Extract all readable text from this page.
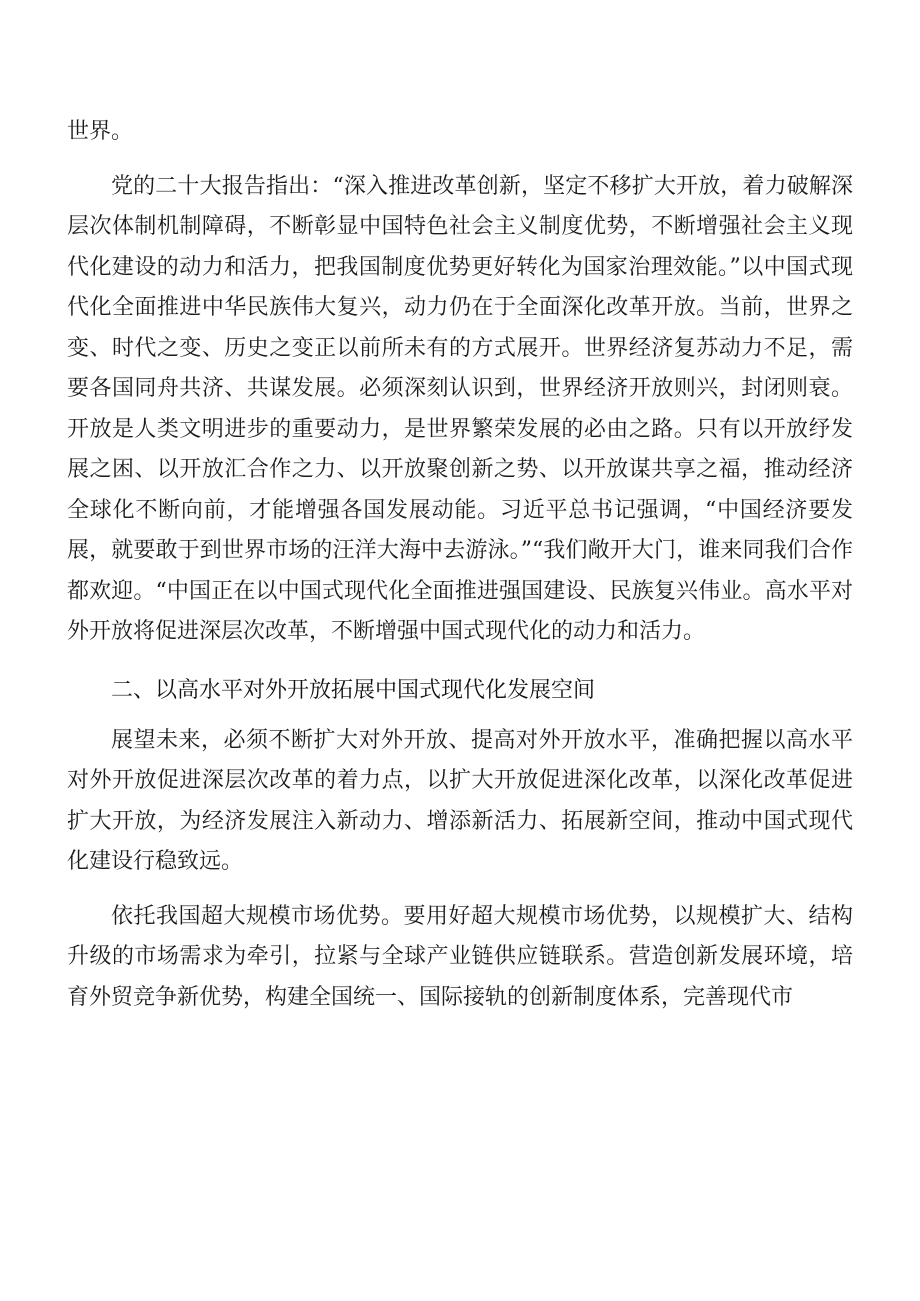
世界。

党的二十大报告指出：“深入推进改革创新，坚定不移扩大开放，着力破解深层次体制机制障碍，不断彰显中国特色社会主义制度优势，不断增强社会主义现代化建设的动力和活力，把我国制度优势更好转化为国家治理效能。”以中国式现代化全面推进中华民族伟大复兴，动力仍在于全面深化改革开放。当前，世界之变、时代之变、历史之变正以前所未有的方式展开。世界经济复苏动力不足，需要各国同舟共济、共谋发展。必须深刻认识到，世界经济开放则兴，封闭则衰。开放是人类文明进步的重要动力，是世界繁荣发展的必由之路。只有以开放纾发展之困、以开放汇合作之力、以开放聚创新之势、以开放谋共享之福，推动经济全球化不断向前，才能增强各国发展动能。习近平总书记强调，“中国经济要发展，就要敢于到世界市场的汪洋大海中去游泳。”“我们敞开大门，谁来同我们合作都欢迎。“中国正在以中国式现代化全面推进强国建设、民族复兴伟业。高水平对外开放将促进深层次改革，不断增强中国式现代化的动力和活力。

二、以高水平对外开放拓展中国式现代化发展空间

展望未来，必须不断扩大对外开放、提高对外开放水平，准确把握以高水平对外开放促进深层次改革的着力点，以扩大开放促进深化改革，以深化改革促进扩大开放，为经济发展注入新动力、增添新活力、拓展新空间，推动中国式现代化建设行稳致远。

依托我国超大规模市场优势。要用好超大规模市场优势，以规模扩大、结构升级的市场需求为牵引，拉紧与全球产业链供应链联系。营造创新发展环境，培育外贸竞争新优势，构建全国统一、国际接轨的创新制度体系，完善现代市
